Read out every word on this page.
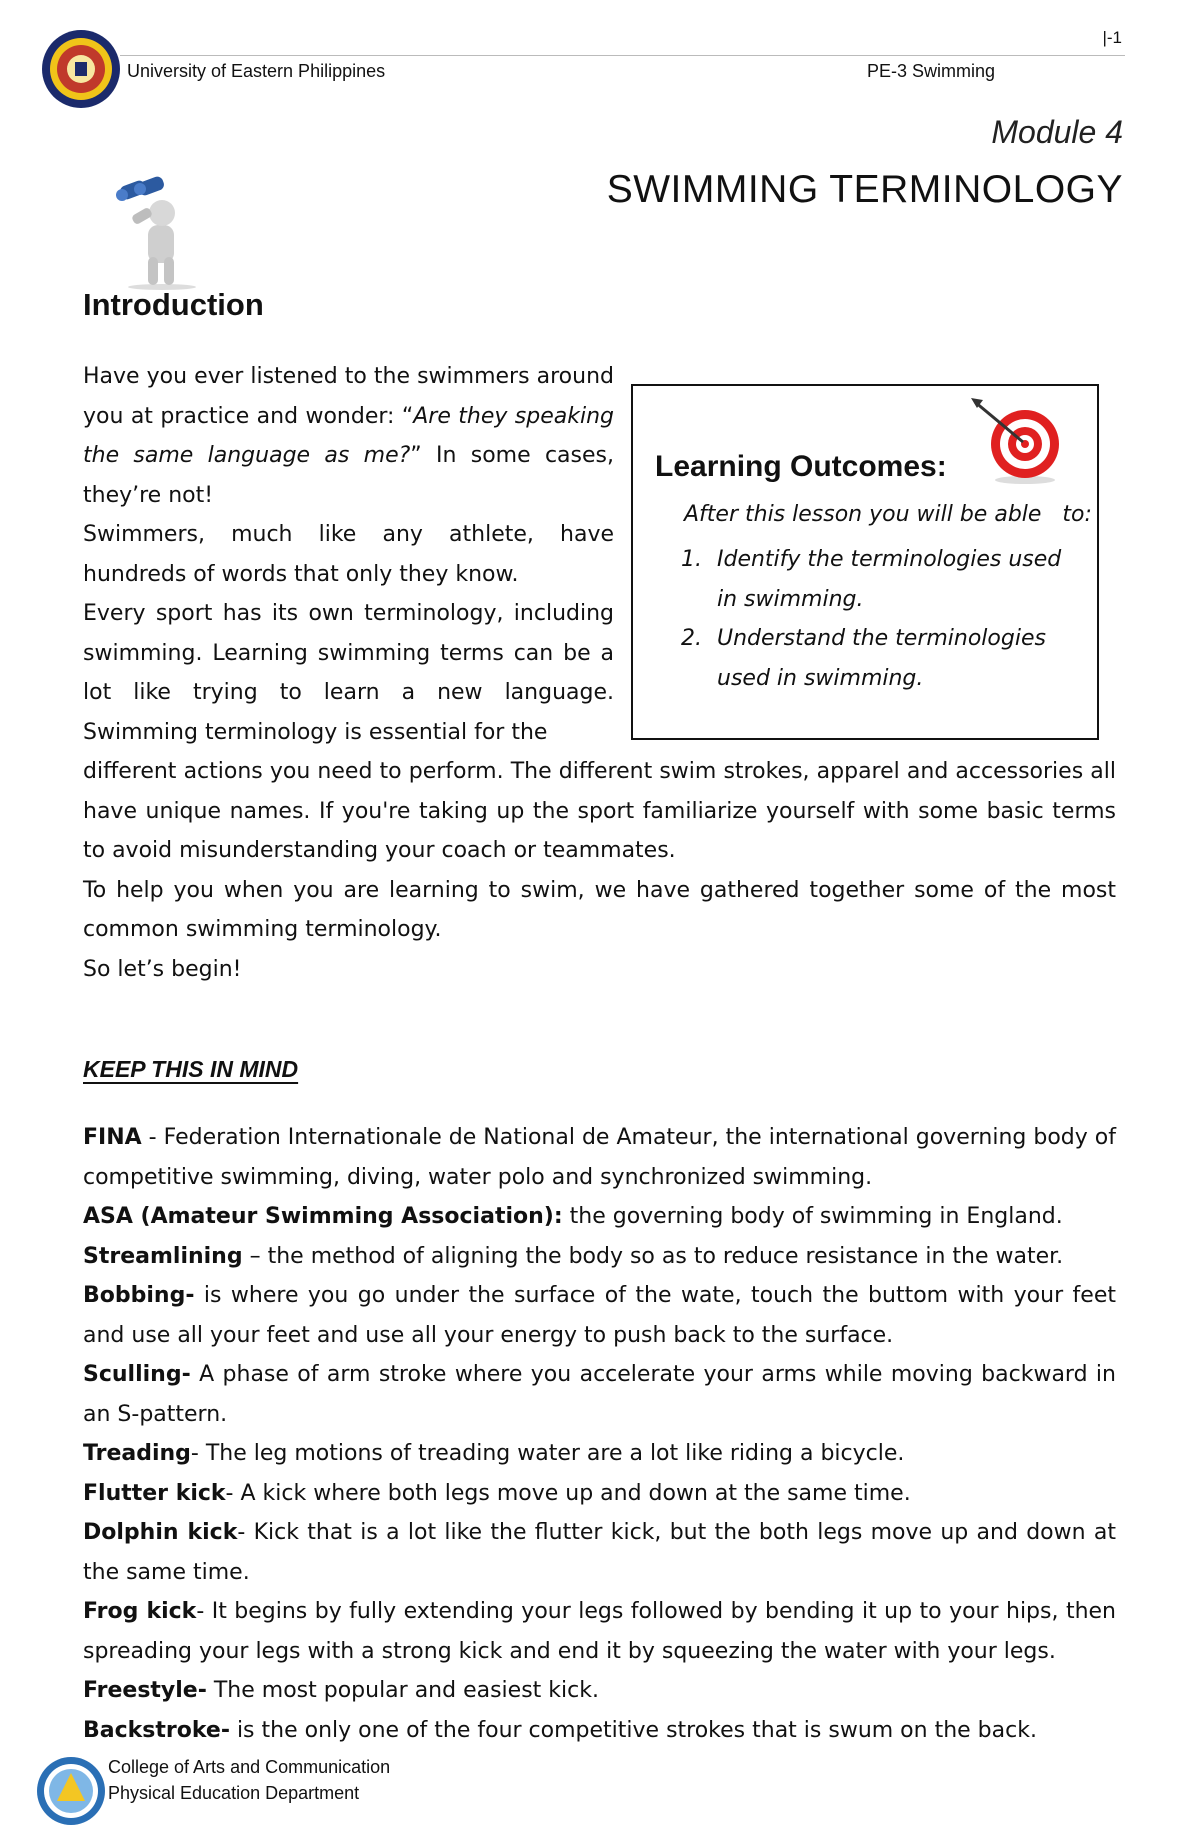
|-1
University of Eastern Philippines	PE-3 Swimming
Module 4
SWIMMING TERMINOLOGY
Introduction

Have you ever listened to the swimmers around you at practice and wonder: “Are they speaking the same language as me?” In some cases, they’re not!

Swimmers, much like any athlete, have hundreds of words that only they know.

Every sport has its own terminology, including swimming. Learning swimming terms can be a lot like trying to learn a new language. Swimming terminology is essential for the

Learning Outcomes:
After this lesson you will be able   to:
1. Identify the terminologies used in swimming.
2. Understand the terminologies used in swimming.

different actions you need to perform. The different swim strokes, apparel and accessories all have unique names. If you're taking up the sport familiarize yourself with some basic terms to avoid misunderstanding your coach or teammates.

To help you when you are learning to swim, we have gathered together some of the most common swimming terminology.

So let’s begin!

KEEP THIS IN MIND
FINA - Federation Internationale de National de Amateur, the international governing body of competitive swimming, diving, water polo and synchronized swimming.
ASA (Amateur Swimming Association): the governing body of swimming in England.
Streamlining – the method of aligning the body so as to reduce resistance in the water.
Bobbing- is where you go under the surface of the wate, touch the buttom with your feet and use all your feet and use all your energy to push back to the surface.
Sculling- A phase of arm stroke where you accelerate your arms while moving backward in an S-pattern.
Treading- The leg motions of treading water are a lot like riding a bicycle.
Flutter kick- A kick where both legs move up and down at the same time.
Dolphin kick- Kick that is a lot like the flutter kick, but the both legs move up and down at the same time.
Frog kick- It begins by fully extending your legs followed by bending it up to your hips, then spreading your legs with a strong kick and end it by squeezing the water with your legs.
Freestyle- The most popular and easiest kick.
Backstroke- is the only one of the four competitive strokes that is swum on the back.
College of Arts and Communication
Physical Education Department
